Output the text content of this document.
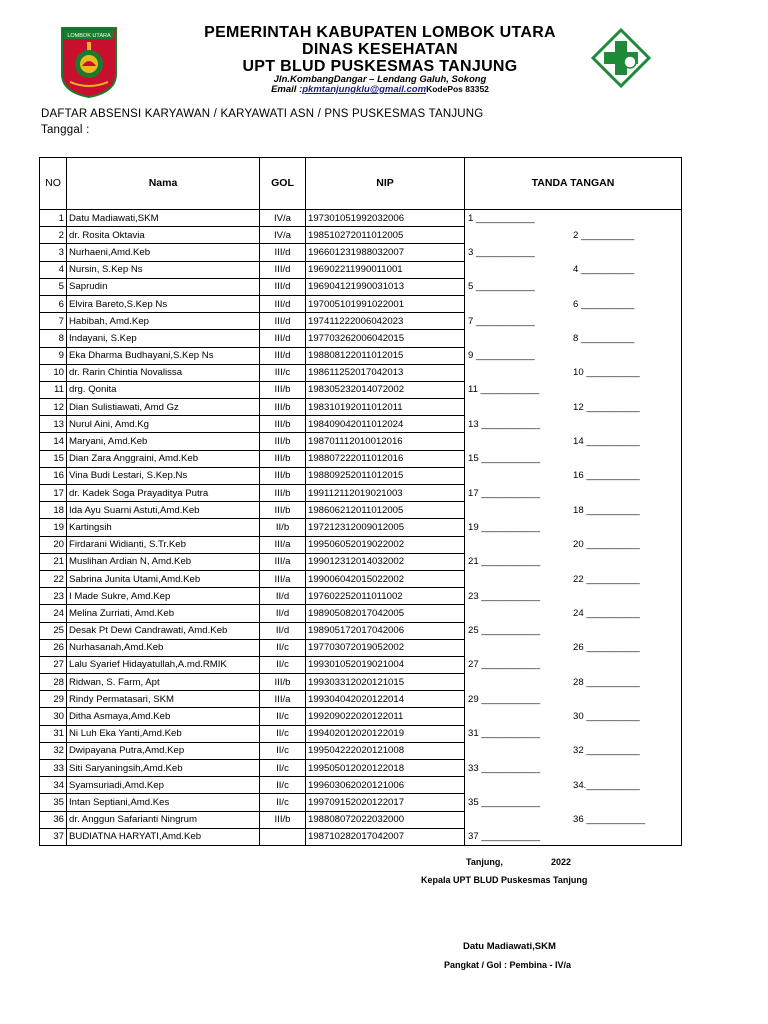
LOMBOK UTARA	PEMERINTAH KABUPATEN LOMBOK UTARA
DINAS KESEHATAN
UPT BLUD PUSKESMAS TANJUNG
Jln.KombangDangar – Lendang Galuh, Sokong
Email :pkmtanjungklu@gmail.comKodePos 83352
DAFTAR ABSENSI KARYAWAN / KARYAWATI ASN / PNS PUSKESMAS TANJUNG
Tanggal :
NO	Nama	GOL	NIP	TANDA TANGAN
1	Datu Madiawati,SKM	IV/a	197301051992032006	1 ___________
2	dr. Rosita Oktavia	IV/a	198510272011012005	2 __________
3	Nurhaeni,Amd.Keb	III/d	196601231988032007	3 ___________
4	Nursin, S.Kep Ns	III/d	196902211990011001	4 __________
5	Saprudin	III/d	196904121990031013	5 ___________
6	Elvira Bareto,S.Kep Ns	III/d	197005101991022001	6 __________
7	Habibah, Amd.Kep	III/d	197411222006042023	7 ___________
8	Indayani, S.Kep	III/d	197703262006042015	8 __________
9	Eka Dharma Budhayani,S.Kep Ns	III/d	198808122011012015	9 ___________
10	dr. Rarin Chintia Novalissa	III/c	198611252017042013	10 __________
11	drg. Qonita	III/b	19830523201407​2002	11 ___________
12	Dian Sulistiawati, Amd Gz	III/b	198310192011012011	12 __________
13	Nurul Aini, Amd.Kg	III/b	198409042011012024	13 ___________
14	Maryani, Amd.Keb	III/b	198701112010012016	14 __________
15	Dian Zara Anggraini, Amd.Keb	III/b	198807222011012016	15 ___________
16	Vina Budi Lestari, S.Kep.Ns	III/b	198809252011012015	16 __________
17	dr. Kadek Soga Prayaditya Putra	III/b	199112112019021003	17 ___________
18	Ida Ayu Suarni Astuti,Amd.Keb	III/b	198606212011012005	18 __________
19	Kartingsih	II/b	197212312009012005	19 ___________
20	Firdarani Widianti, S.Tr.Keb	III/a	199506052019022002	20 __________
21	Muslihan Ardian N, Amd.Keb	III/a	199012312014032002	21 ___________
22	Sabrina Junita Utami,Amd.Keb	III/a	199006042015022002	22 __________
23	I Made Sukre, Amd.Kep	II/d	197602252011011002	23 ___________
24	Melina Zurriati, Amd.Keb	II/d	198905082017042005	24 __________
25	Desak Pt Dewi Candrawati, Amd.Keb	II/d	198905172017042006	25 ___________
26	Nurhasanah,Amd.Keb	II/c	197703072019052002	26 __________
27	Lalu Syarief Hidayatullah,A.md.RMIK	II/c	199301052019021004	27 ___________
28	Ridwan, S. Farm, Apt	III/b	199303312020121015	28 __________
29	Rindy Permatasari, SKM	III/a	199304042020122014	29 ___________
30	Ditha Asmaya,Amd.Keb	II/c	199209022020122011	30 __________
31	Ni Luh Eka Yanti,Amd.Keb	II/c	199402012020122019	31 ___________
32	Dwipayana Putra,Amd.Kep	II/c	199504222020121008	32 __________
33	Siti Saryaningsih,Amd.Keb	II/c	199505012020122018	33 ___________
34	Syamsuriadi,Amd.Kep	II/c	199603062020121006	34.__________
35	Intan Septiani,Amd.Kes	II/c	199709152020122017	35 ___________
36	dr. Anggun Safarianti Ningrum	III/b	198808072022032000	36 ___________
37	BUDIATNA HARYATI,Amd.Keb		198710282017042007	37 ___________
Tanjung,	2022
Kepala UPT BLUD Puskesmas Tanjung
Datu Madiawati,SKM
Pangkat / Gol : Pembina - IV/a
